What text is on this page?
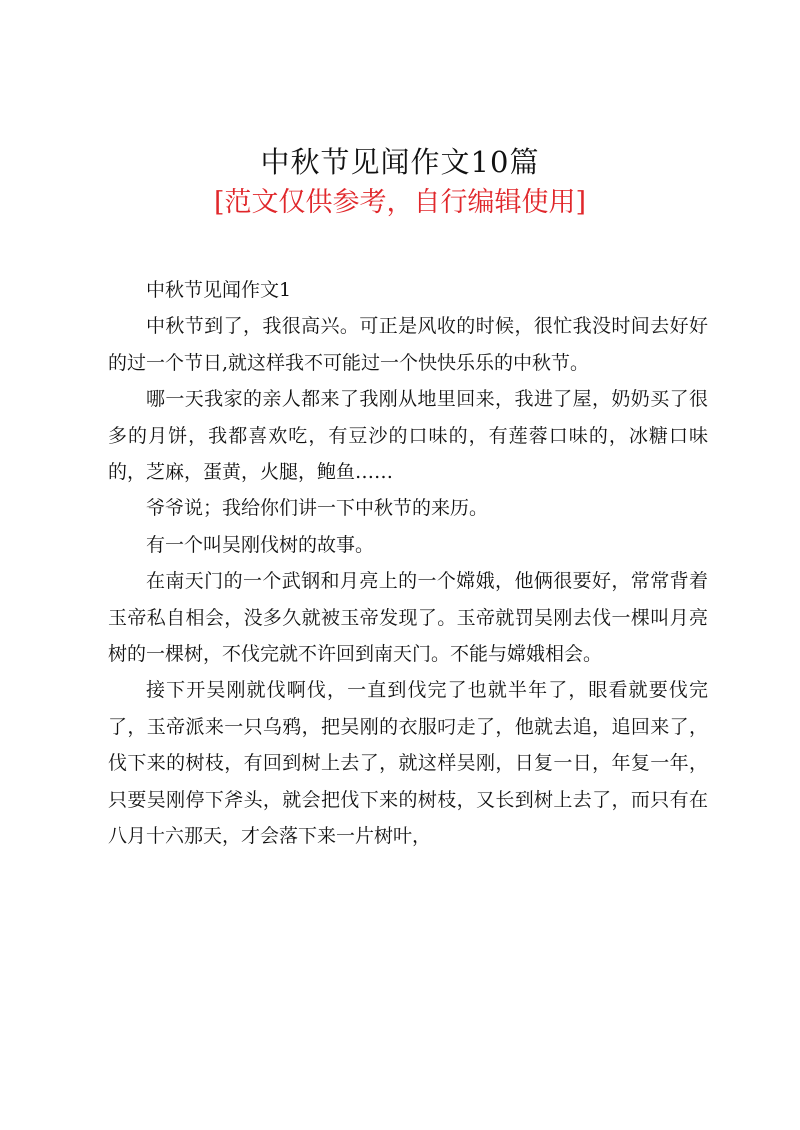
中秋节见闻作文10篇
[范文仅供参考，自行编辑使用]

中秋节见闻作文1

中秋节到了，我很高兴。可正是风收的时候，很忙我没时间去好好的过一个节日,就这样我不可能过一个快快乐乐的中秋节。

哪一天我家的亲人都来了我刚从地里回来，我进了屋，奶奶买了很多的月饼，我都喜欢吃，有豆沙的口味的，有莲蓉口味的，冰糖口味的，芝麻，蛋黄，火腿，鲍鱼……

爷爷说；我给你们讲一下中秋节的来历。

有一个叫吴刚伐树的故事。

在南天门的一个武钢和月亮上的一个嫦娥，他俩很要好，常常背着玉帝私自相会，没多久就被玉帝发现了。玉帝就罚吴刚去伐一棵叫月亮树的一棵树，不伐完就不许回到南天门。不能与嫦娥相会。

接下开吴刚就伐啊伐，一直到伐完了也就半年了，眼看就要伐完了，玉帝派来一只乌鸦，把吴刚的衣服叼走了，他就去追，追回来了，伐下来的树枝，有回到树上去了，就这样吴刚，日复一日，年复一年，只要吴刚停下斧头，就会把伐下来的树枝，又长到树上去了，而只有在八月十六那天，才会落下来一片树叶，
